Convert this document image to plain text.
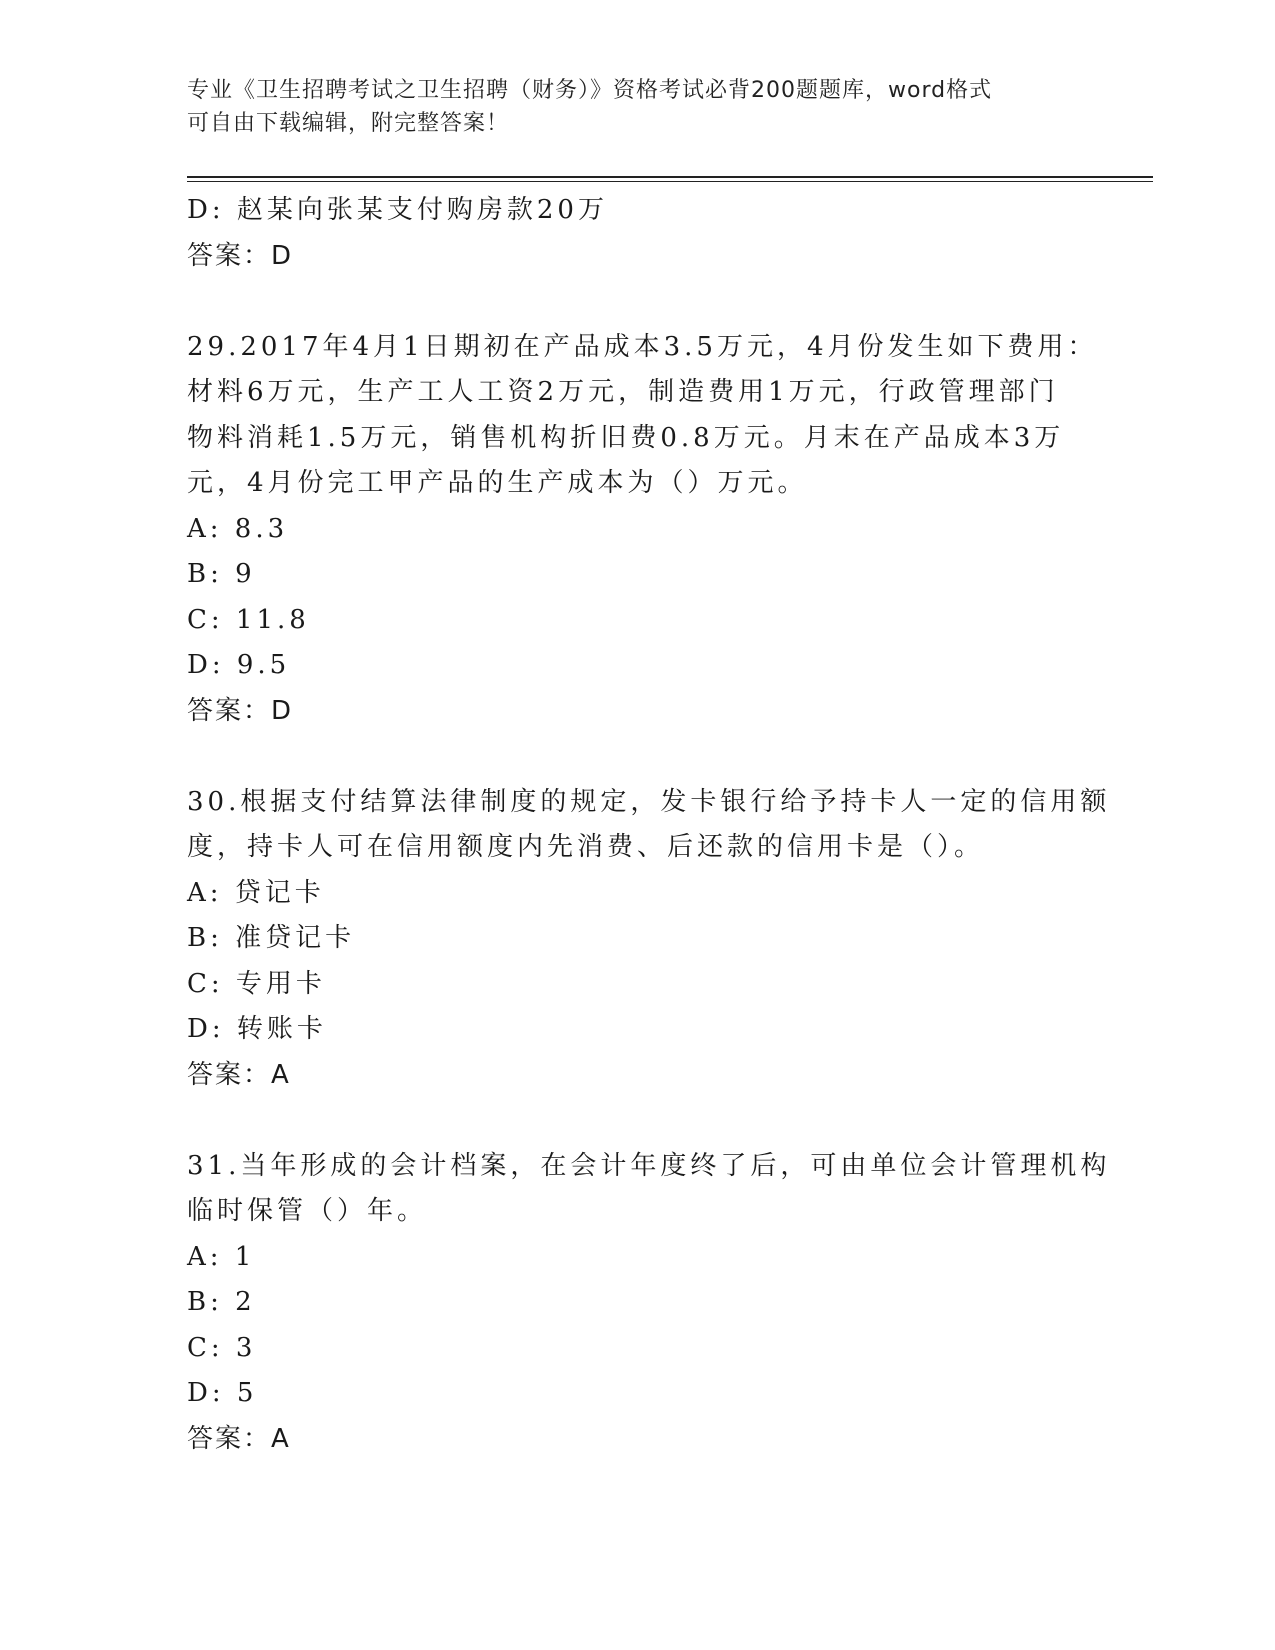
专业《卫生招聘考试之卫生招聘（财务）》资格考试必背200题题库，word格式
可自由下载编辑，附完整答案！
D: 赵某向张某支付购房款20万
答案：D
29.2017年4月1日期初在产品成本3.5万元，4月份发生如下费用：
材料6万元，生产工人工资2万元，制造费用1万元，行政管理部门
物料消耗1.5万元，销售机构折旧费0.8万元。月末在产品成本3万
元，4月份完工甲产品的生产成本为（）万元。
A: 8.3
B: 9
C: 11.8
D: 9.5
答案：D
30.根据支付结算法律制度的规定，发卡银行给予持卡人一定的信用额
度，持卡人可在信用额度内先消费、后还款的信用卡是（）。
A: 贷记卡
B: 准贷记卡
C: 专用卡
D: 转账卡
答案：A
31.当年形成的会计档案，在会计年度终了后，可由单位会计管理机构
临时保管（）年。
A: 1
B: 2
C: 3
D: 5
答案：A
